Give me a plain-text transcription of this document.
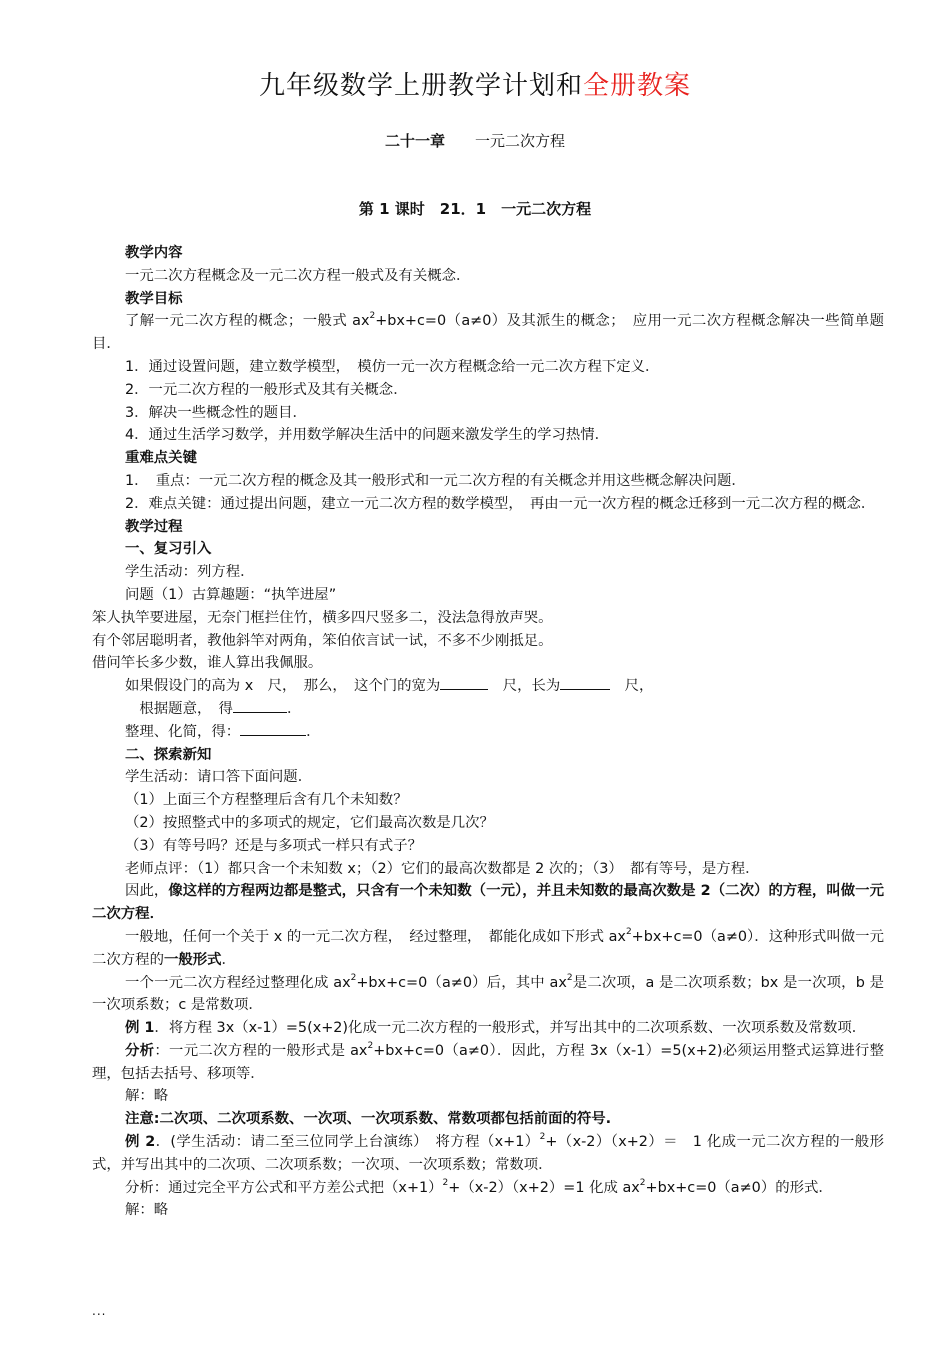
九年级数学上册教学计划和全册教案
二十一章　　 一元二次方程
第 1 课时　21．1　一元二次方程

教学内容

一元二次方程概念及一元二次方程一般式及有关概念．

教学目标

了解一元二次方程的概念；一般式 $ax^2+bx+c=0(a\ne 0)$及其派生的概念；　应用一元二次方程概念解决一些简单题目．

1．通过设置问题，建立数学模型，　模仿一元一次方程概念给一元二次方程下定义．

2．一元二次方程的一般形式及其有关概念．

3．解决一些概念性的题目．

4．通过生活学习数学，并用数学解决生活中的问题来激发学生的学习热情．

重难点关键

1．　重点：一元二次方程的概念及其一般形式和一元二次方程的有关概念并用这些概念解决问题．

2．难点关键：通过提出问题，建立一元二次方程的数学模型，　再由一元一次方程的概念迁移到一元二次方程的概念．

教学过程

一、复习引入

学生活动：列方程．

问题（1）古算趣题：“执竿进屋”

笨人执竿要进屋，无奈门框拦住竹，横多四尺竖多二，没法急得放声哭。

有个邻居聪明者，教他斜竿对两角，笨伯依言试一试，不多不少刚抵足。

借问竿长多少数，谁人算出我佩服。

如果假设门的高为 x　尺，　那么，　这个门的宽为	　尺，长为	　尺，

　根据题意，　得	．

整理、化简，得：	．

二、探索新知

学生活动：请口答下面问题．

（1）上面三个方程整理后含有几个未知数？

（2）按照整式中的多项式的规定，它们最高次数是几次？

（3）有等号吗？还是与多项式一样只有式子？

老师点评：（1）都只含一个未知数 x；（2）它们的最高次数都是 2 次的；（3）　都有等号，是方程．

因此，像这样的方程两边都是整式，只含有一个未知数（一元），并且未知数的最高次数是 2（二次）的方程，叫做一元二次方程．

一般地，任何一个关于 x 的一元二次方程，　经过整理，　都能化成如下形式 $ax^2+bx+c=0(a\ne 0)$．这种形式叫做一元二次方程的一般形式．

一个一元二次方程经过整理化成 $ax^2+bx+c=0(a\ne 0)$后，其中 $ax^2$是二次项，a 是二次项系数；bx 是一次项，b 是一次项系数；c 是常数项．

例 1．将方程 3x（x-1）=5(x+2)化成一元二次方程的一般形式，并写出其中的二次项系数、一次项系数及常数项．

分析：一元二次方程的一般形式是 $ax^2+bx+c=0(a\ne 0)$．因此，方程 3x（x-1）=5(x+2)必须运用整式运算进行整理，包括去括号、移项等．

解：略

注意:二次项、二次项系数、一次项、一次项系数、常数项都包括前面的符号.

例 2．(学生活动：请二至三位同学上台演练）　将方程$(x+1)^2+(x-2)(x+2)=$　1 化成一元二次方程的一般形式，并写出其中的二次项、二次项系数；一次项、一次项系数；常数项．

分析：通过完全平方公式和平方差公式把$(x+1)^2+(x-2)(x+2)=1$ 化成 $ax^2+bx+c=0(a\ne 0)$的形式．

解：略

...
